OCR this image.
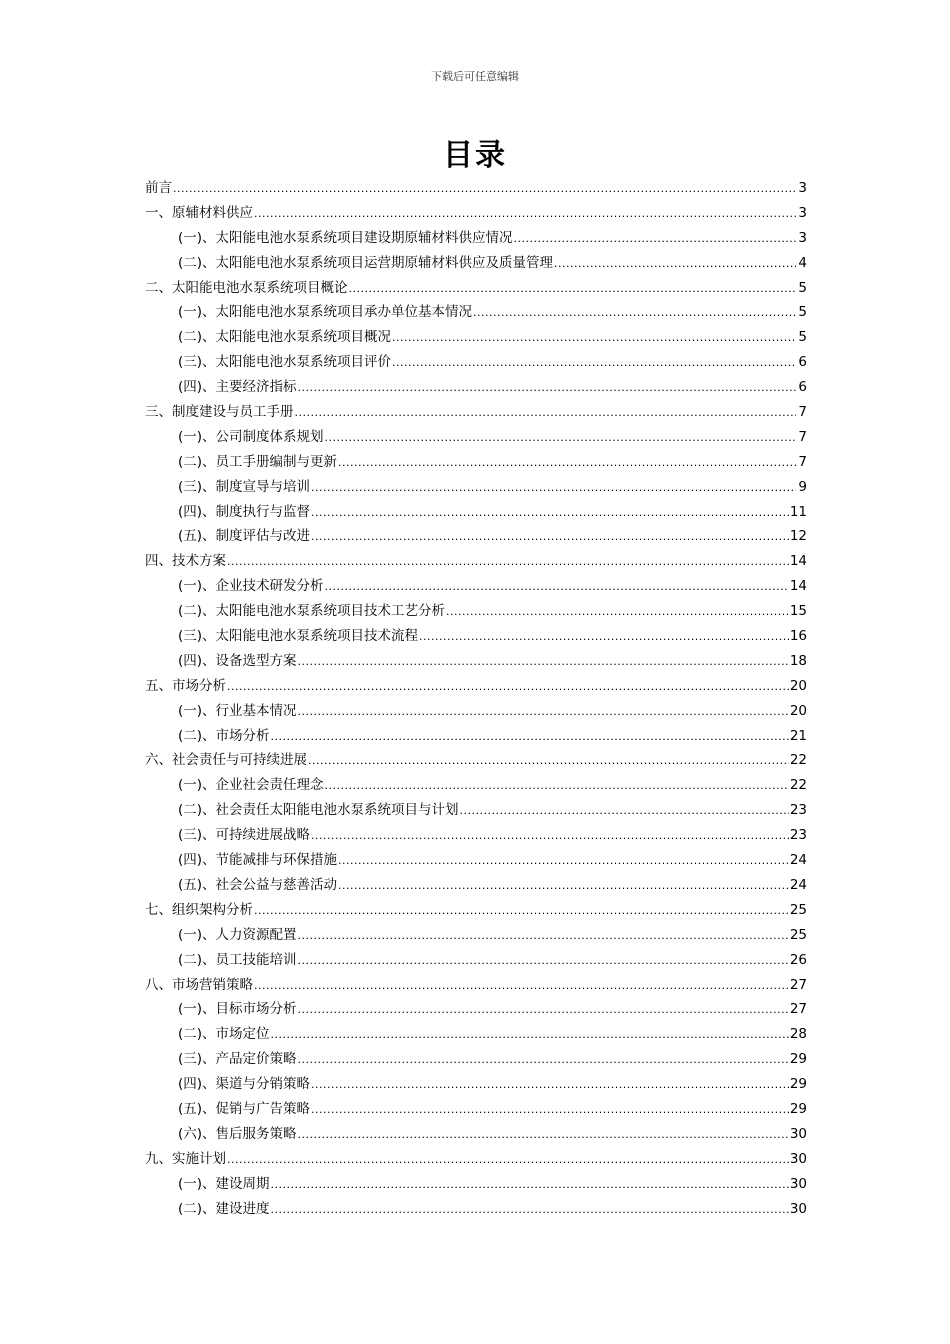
下载后可任意编辑
目录
前言 .....	3
一、原辅材料供应 .....	3
(一)、太阳能电池水泵系统项目建设期原辅材料供应情况 .....	3
(二)、太阳能电池水泵系统项目运营期原辅材料供应及质量管理 .....	4
二、太阳能电池水泵系统项目概论 .....	5
(一)、太阳能电池水泵系统项目承办单位基本情况 .....	5
(二)、太阳能电池水泵系统项目概况 .....	5
(三)、太阳能电池水泵系统项目评价 .....	6
(四)、主要经济指标 .....	6
三、制度建设与员工手册 .....	7
(一)、公司制度体系规划 .....	7
(二)、员工手册编制与更新 .....	7
(三)、制度宣导与培训 .....	9
(四)、制度执行与监督 .....	11
(五)、制度评估与改进 .....	12
四、技术方案 .....	14
(一)、企业技术研发分析 .....	14
(二)、太阳能电池水泵系统项目技术工艺分析 .....	15
(三)、太阳能电池水泵系统项目技术流程 .....	16
(四)、设备选型方案 .....	18
五、市场分析 .....	20
(一)、行业基本情况 .....	20
(二)、市场分析 .....	21
六、社会责任与可持续进展 .....	22
(一)、企业社会责任理念 .....	22
(二)、社会责任太阳能电池水泵系统项目与计划 .....	23
(三)、可持续进展战略 .....	23
(四)、节能减排与环保措施 .....	24
(五)、社会公益与慈善活动 .....	24
七、组织架构分析 .....	25
(一)、人力资源配置 .....	25
(二)、员工技能培训 .....	26
八、市场营销策略 .....	27
(一)、目标市场分析 .....	27
(二)、市场定位 .....	28
(三)、产品定价策略 .....	29
(四)、渠道与分销策略 .....	29
(五)、促销与广告策略 .....	29
(六)、售后服务策略 .....	30
九、实施计划 .....	30
(一)、建设周期 .....	30
(二)、建设进度 .....	30
